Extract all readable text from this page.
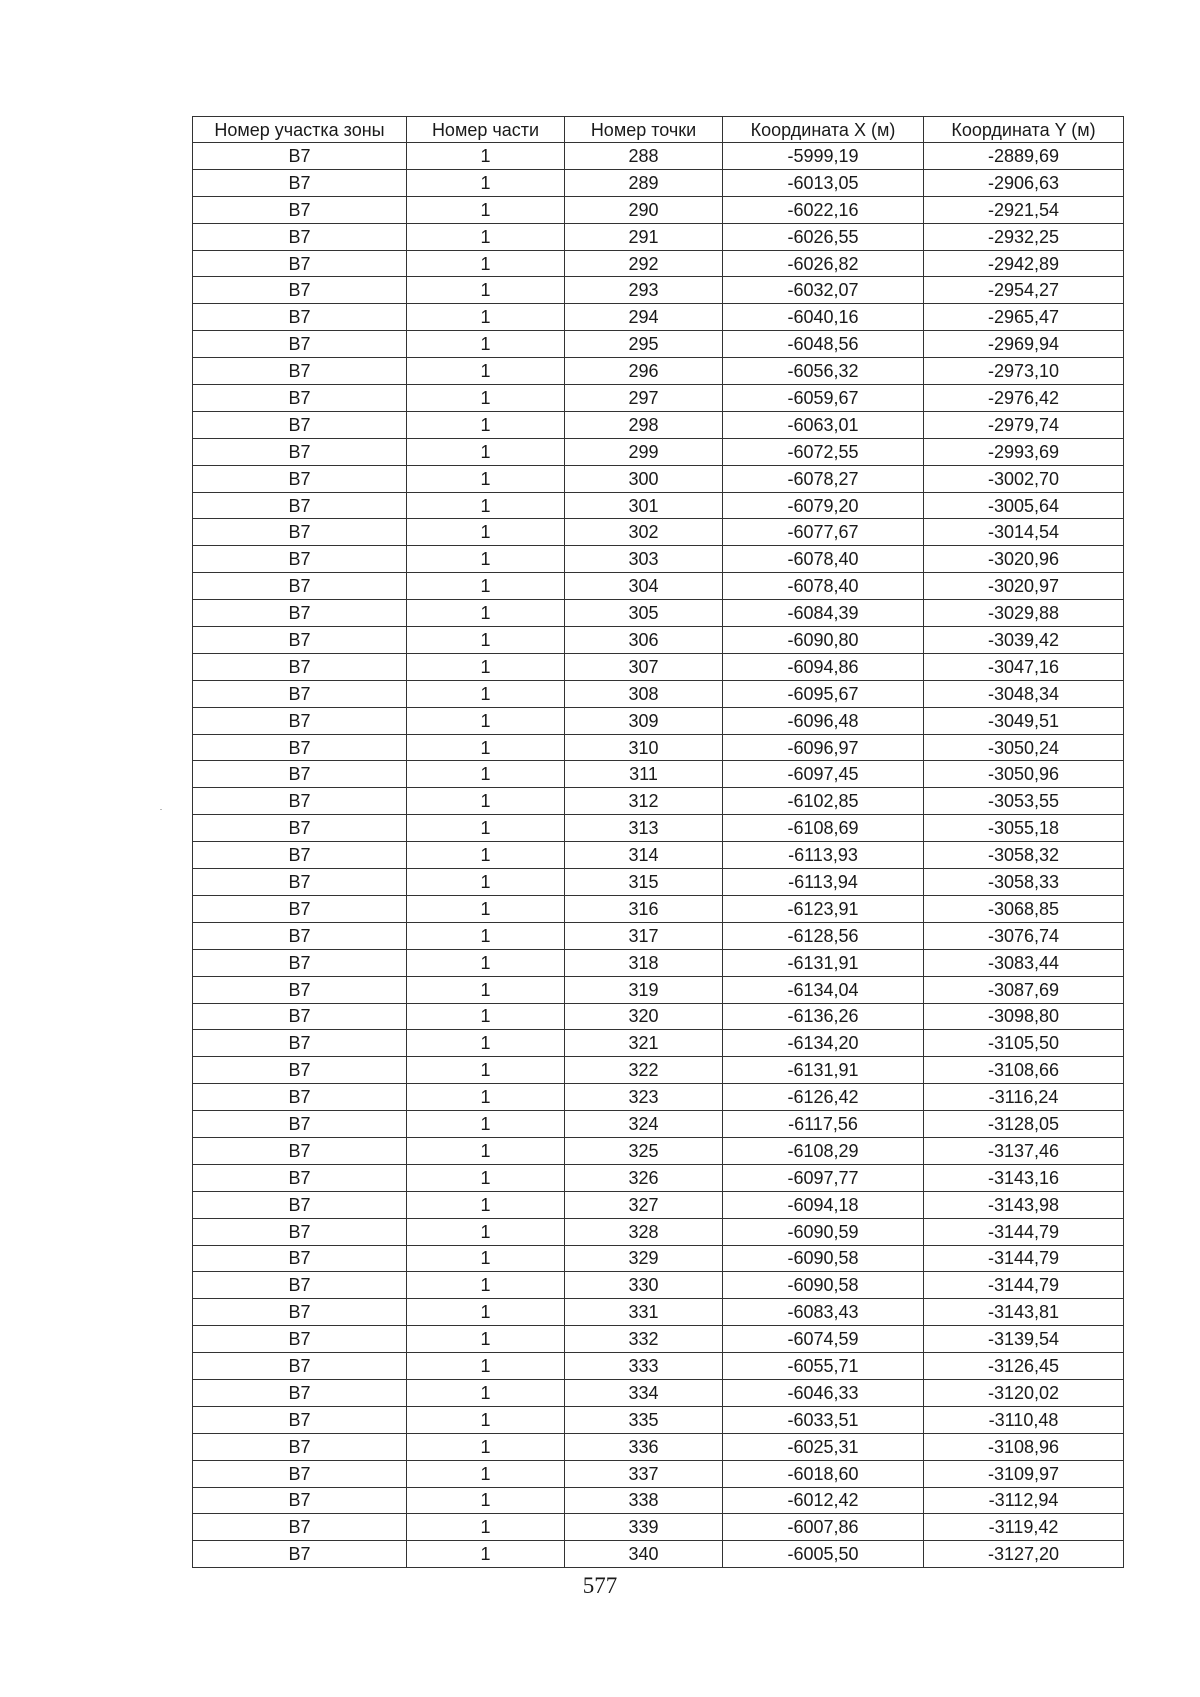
Номер участка зоны	Номер части	Номер точки	Координата X (м)	Координата Y (м)
В7	1	288	-5999,19	-2889,69
В7	1	289	-6013,05	-2906,63
В7	1	290	-6022,16	-2921,54
В7	1	291	-6026,55	-2932,25
В7	1	292	-6026,82	-2942,89
В7	1	293	-6032,07	-2954,27
В7	1	294	-6040,16	-2965,47
В7	1	295	-6048,56	-2969,94
В7	1	296	-6056,32	-2973,10
В7	1	297	-6059,67	-2976,42
В7	1	298	-6063,01	-2979,74
В7	1	299	-6072,55	-2993,69
В7	1	300	-6078,27	-3002,70
В7	1	301	-6079,20	-3005,64
В7	1	302	-6077,67	-3014,54
В7	1	303	-6078,40	-3020,96
В7	1	304	-6078,40	-3020,97
В7	1	305	-6084,39	-3029,88
В7	1	306	-6090,80	-3039,42
В7	1	307	-6094,86	-3047,16
В7	1	308	-6095,67	-3048,34
В7	1	309	-6096,48	-3049,51
В7	1	310	-6096,97	-3050,24
В7	1	311	-6097,45	-3050,96
В7	1	312	-6102,85	-3053,55
В7	1	313	-6108,69	-3055,18
В7	1	314	-6113,93	-3058,32
В7	1	315	-6113,94	-3058,33
В7	1	316	-6123,91	-3068,85
В7	1	317	-6128,56	-3076,74
В7	1	318	-6131,91	-3083,44
В7	1	319	-6134,04	-3087,69
В7	1	320	-6136,26	-3098,80
В7	1	321	-6134,20	-3105,50
В7	1	322	-6131,91	-3108,66
В7	1	323	-6126,42	-3116,24
В7	1	324	-6117,56	-3128,05
В7	1	325	-6108,29	-3137,46
В7	1	326	-6097,77	-3143,16
В7	1	327	-6094,18	-3143,98
В7	1	328	-6090,59	-3144,79
В7	1	329	-6090,58	-3144,79
В7	1	330	-6090,58	-3144,79
В7	1	331	-6083,43	-3143,81
В7	1	332	-6074,59	-3139,54
В7	1	333	-6055,71	-3126,45
В7	1	334	-6046,33	-3120,02
В7	1	335	-6033,51	-3110,48
В7	1	336	-6025,31	-3108,96
В7	1	337	-6018,60	-3109,97
В7	1	338	-6012,42	-3112,94
В7	1	339	-6007,86	-3119,42
В7	1	340	-6005,50	-3127,20
577
